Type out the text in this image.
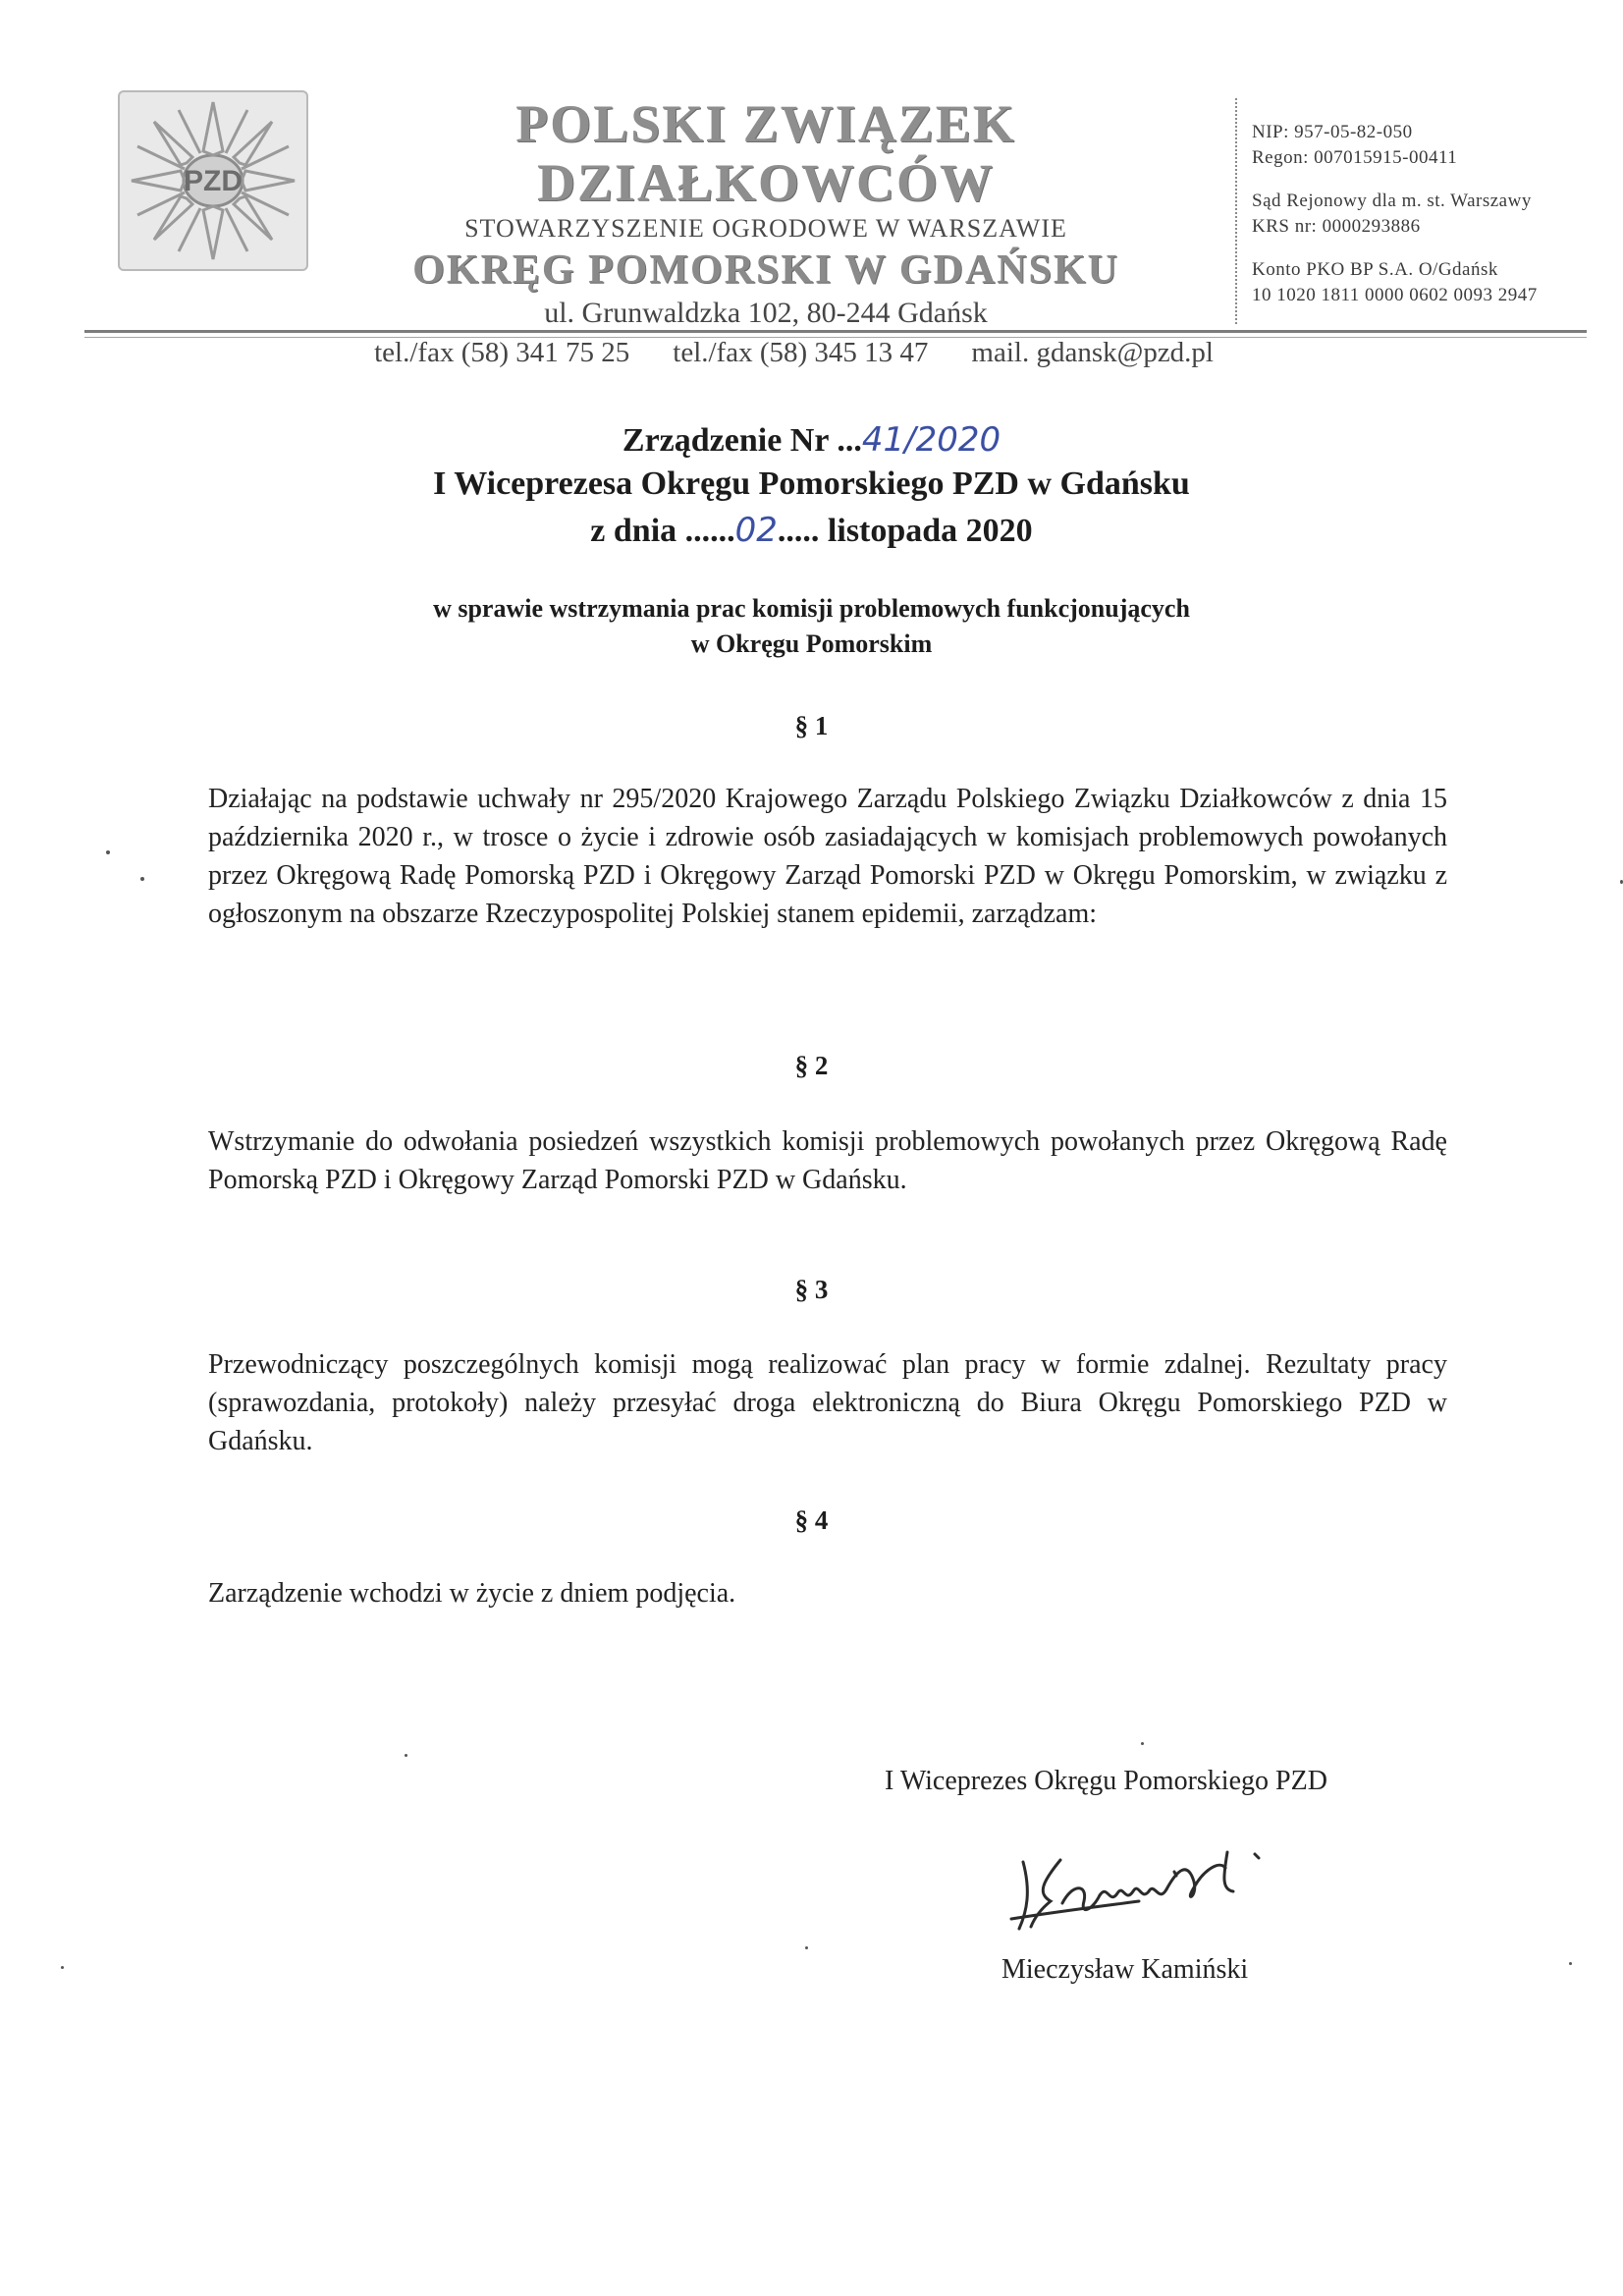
PZD
POLSKI ZWIĄZEK DZIAŁKOWCÓW
STOWARZYSZENIE OGRODOWE W WARSZAWIE
OKRĘG POMORSKI W GDAŃSKU
ul. Grunwaldzka 102, 80-244 Gdańsk
tel./fax (58) 341 75 25 tel./fax (58) 345 13 47 mail. gdansk@pzd.pl
NIP: 957-05-82-050
Regon: 007015915-00411
Sąd Rejonowy dla m. st. Warszawy
KRS nr: 0000293886
Konto PKO BP S.A. O/Gdańsk
10 1020 1811 0000 0602 0093 2947
Zrządzenie Nr ...41/2020
I Wiceprezesa Okręgu Pomorskiego PZD w Gdańsku
z dnia ......02..... listopada 2020
w sprawie wstrzymania prac komisji problemowych funkcjonujących
w Okręgu Pomorskim
§ 1
Działając na podstawie uchwały nr 295/2020 Krajowego Zarządu Polskiego Związku Działkowców z dnia 15 października 2020 r., w trosce o życie i zdrowie osób zasiadających w komisjach problemowych powołanych przez Okręgową Radę Pomorską PZD i Okręgowy Zarząd Pomorski PZD w Okręgu Pomorskim, w związku z ogłoszonym na obszarze Rzeczypospolitej Polskiej stanem epidemii, zarządzam:
§ 2
Wstrzymanie do odwołania posiedzeń wszystkich komisji problemowych powołanych przez Okręgową Radę Pomorską PZD i Okręgowy Zarząd Pomorski PZD w Gdańsku.
§ 3
Przewodniczący poszczególnych komisji mogą realizować plan pracy w formie zdalnej. Rezultaty pracy (sprawozdania, protokoły) należy przesyłać droga elektroniczną do Biura Okręgu Pomorskiego PZD w Gdańsku.
§ 4
Zarządzenie wchodzi w życie z dniem podjęcia.
I Wiceprezes Okręgu Pomorskiego PZD
Mieczysław Kamiński
